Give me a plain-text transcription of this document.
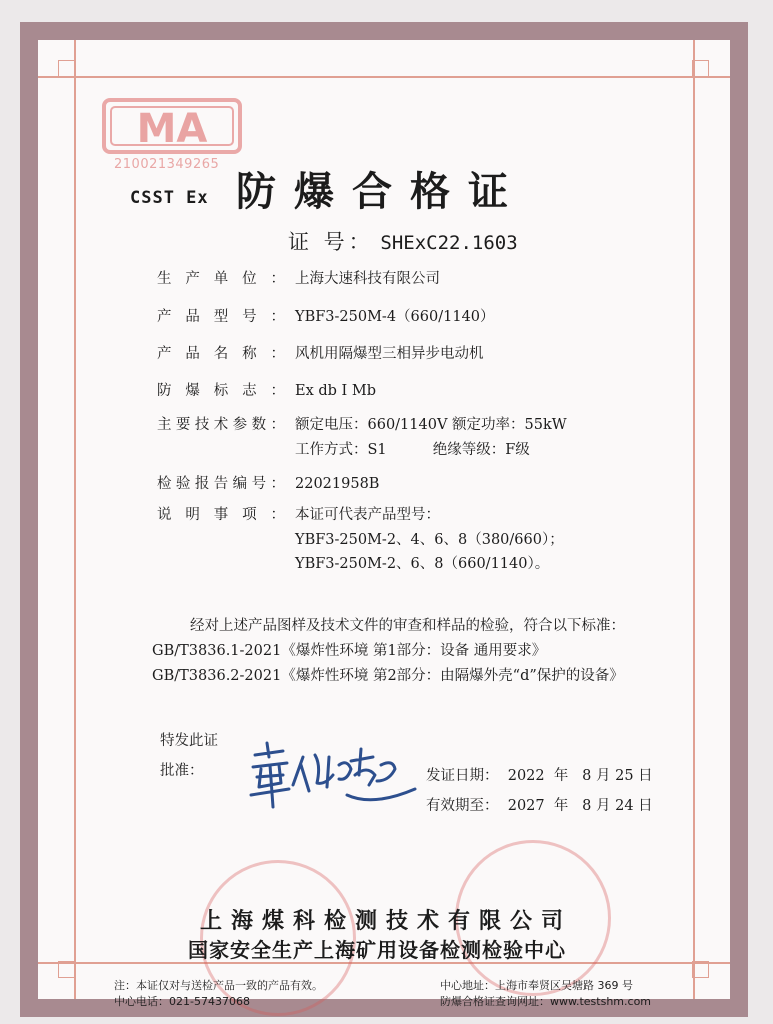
MA
210021349265
CSST Ex 防爆合格证
证 号： SHExC22.1603
生产单位： 上海大速科技有限公司
产品型号： YBF3-250M-4（660/1140）
产品名称： 风机用隔爆型三相异步电动机
防爆标志： Ex db I Mb
主要技术参数： 额定电压：660/1140V 额定功率：55kW
工作方式：S1          绝缘等级：F级
检验报告编号： 22021958B
说明事项： 本证可代表产品型号：
YBF3-250M-2、4、6、8（380/660）；
YBF3-250M-2、6、8（660/1140）。
经对上述产品图样及技术文件的审查和样品的检验，符合以下标准：
GB/T3836.1-2021《爆炸性环境 第1部分：设备 通用要求》
GB/T3836.2-2021《爆炸性环境 第2部分：由隔爆外壳“d”保护的设备》
特发此证
批准：	发证日期：  2022  年   8 月 25 日
有效期至：  2027  年   8 月 24 日
上海煤科检测技术有限公司
国家安全生产上海矿用设备检测检验中心
注：本证仅对与送检产品一致的产品有效。
中心电话：021-57437068
中心地址：上海市奉贤区吴塘路 369 号
防爆合格证查询网址：www.testshm.com
